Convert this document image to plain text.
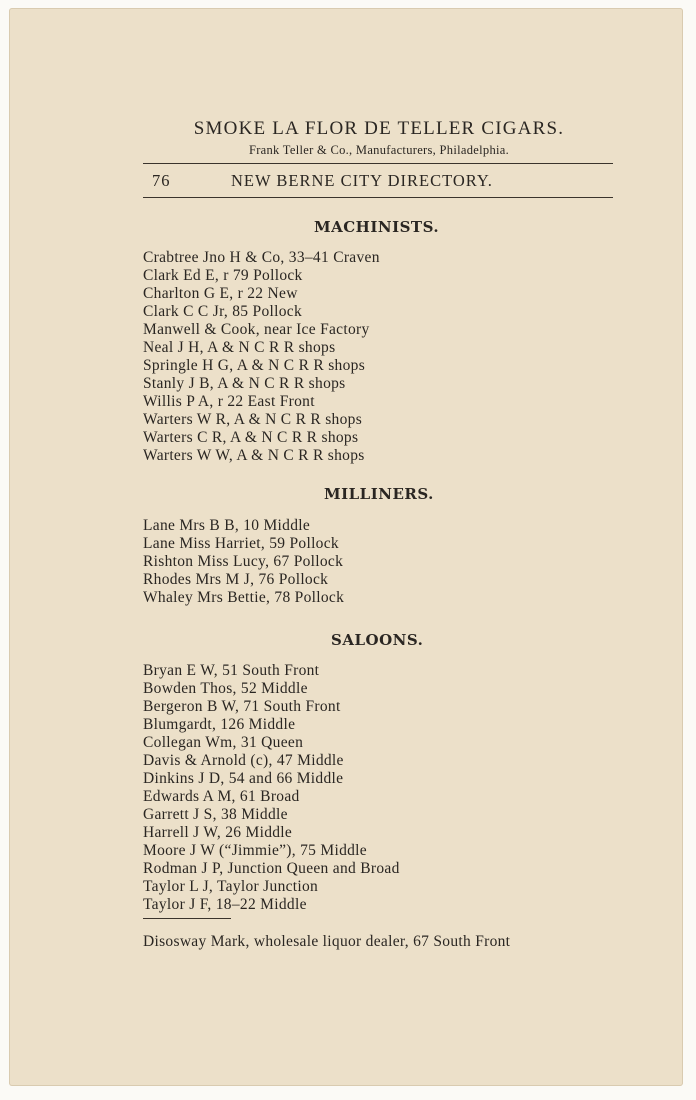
SMOKE LA FLOR DE TELLER CIGARS.
Frank Teller & Co., Manufacturers, Philadelphia.
76	NEW BERNE CITY DIRECTORY.
MACHINISTS.
Crabtree Jno H & Co, 33–41 Craven
Clark Ed E, r 79 Pollock
Charlton G E, r 22 New
Clark C C Jr, 85 Pollock
Manwell & Cook, near Ice Factory
Neal J H, A & N C R R shops
Springle H G, A & N C R R shops
Stanly J B, A & N C R R shops
Willis P A, r 22 East Front
Warters W R, A & N C R R shops
Warters C R, A & N C R R shops
Warters W W, A & N C R R shops
MILLINERS.
Lane Mrs B B, 10 Middle
Lane Miss Harriet, 59 Pollock
Rishton Miss Lucy, 67 Pollock
Rhodes Mrs M J, 76 Pollock
Whaley Mrs Bettie, 78 Pollock
SALOONS.
Bryan E W, 51 South Front
Bowden Thos, 52 Middle
Bergeron B W, 71 South Front
Blumgardt, 126 Middle
Collegan Wm, 31 Queen
Davis & Arnold (c), 47 Middle
Dinkins J D, 54 and 66 Middle
Edwards A M, 61 Broad
Garrett J S, 38 Middle
Harrell J W, 26 Middle
Moore J W (“Jimmie”), 75 Middle
Rodman J P, Junction Queen and Broad
Taylor L J, Taylor Junction
Taylor J F, 18–22 Middle
Disosway Mark, wholesale liquor dealer, 67 South Front
